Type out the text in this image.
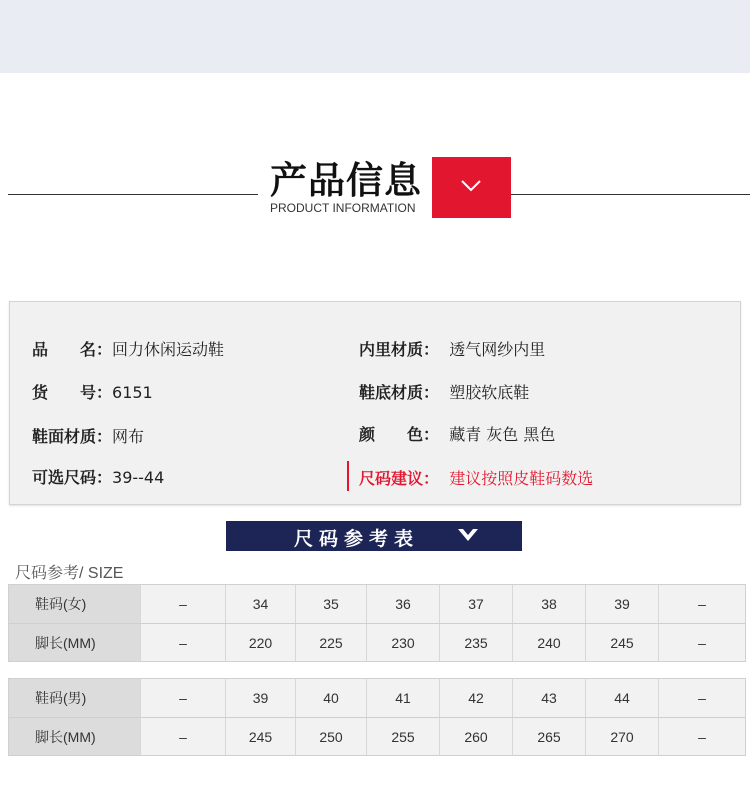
产品信息
PRODUCT INFORMATION
品　　名：回力休闲运动鞋	内里材质： 透气网纱内里
货　　号：6151	鞋底材质： 塑胶软底鞋
鞋面材质：网布	颜　　色： 藏青 灰色 黑色
可选尺码：39--44	尺码建议： 建议按照皮鞋码数选
尺码参考表
尺码参考/ SIZE
鞋码(女)	–	34	35	36	37	38	39	–
脚长(MM)	–	220	225	230	235	240	245	–
鞋码(男)	–	39	40	41	42	43	44	–
脚长(MM)	–	245	250	255	260	265	270	–
